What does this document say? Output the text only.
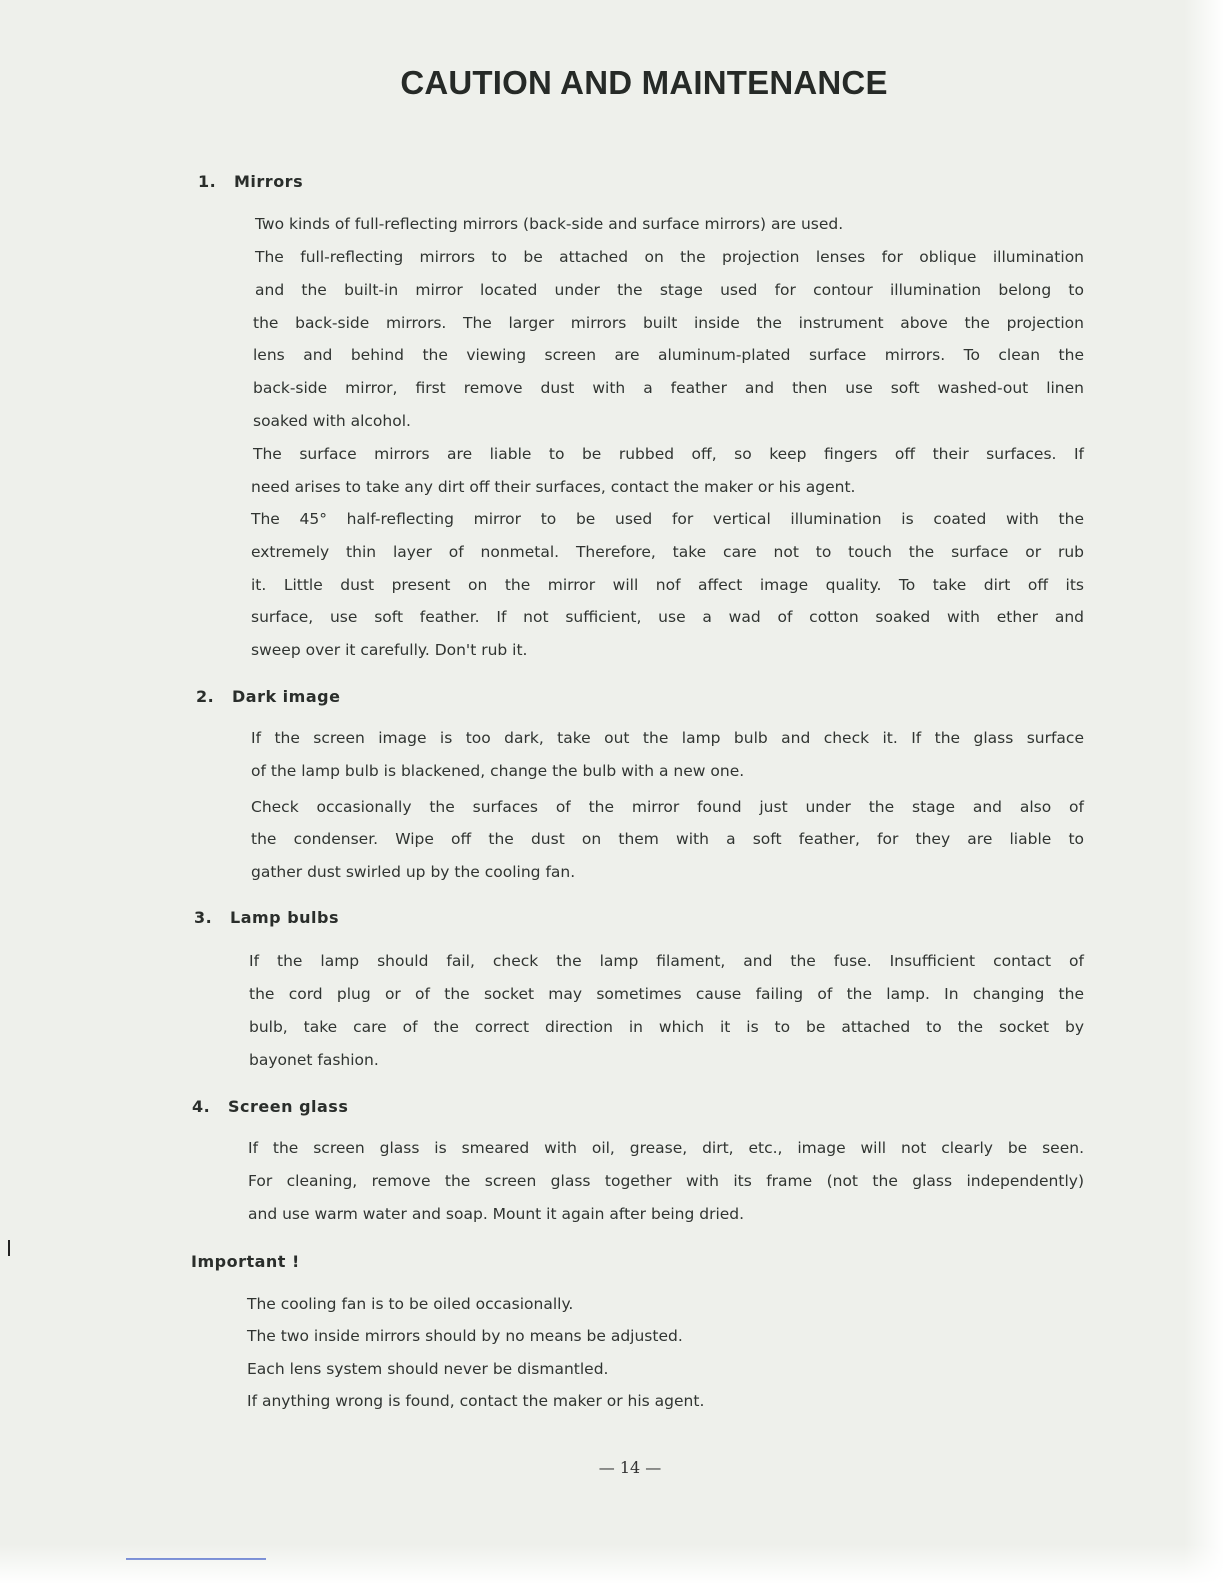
CAUTION AND MAINTENANCE
1. Mirrors
Two kinds of full-reflecting mirrors (back-side and surface mirrors) are used.
The full-reflecting mirrors to be attached on the projection lenses for oblique illumination
and the built-in mirror located under the stage used for contour illumination belong to
the back-side mirrors. The larger mirrors built inside the instrument above the projection
lens and behind the viewing screen are aluminum-plated surface mirrors. To clean the
back-side mirror, first remove dust with a feather and then use soft washed-out linen
soaked with alcohol.
The surface mirrors are liable to be rubbed off, so keep fingers off their surfaces. If
need arises to take any dirt off their surfaces, contact the maker or his agent.
The 45° half-reflecting mirror to be used for vertical illumination is coated with the
extremely thin layer of nonmetal. Therefore, take care not to touch the surface or rub
it. Little dust present on the mirror will nof affect image quality. To take dirt off its
surface, use soft feather. If not sufficient, use a wad of cotton soaked with ether and
sweep over it carefully. Don't rub it.
2. Dark image
If the screen image is too dark, take out the lamp bulb and check it. If the glass surface
of the lamp bulb is blackened, change the bulb with a new one.
Check occasionally the surfaces of the mirror found just under the stage and also of
the condenser. Wipe off the dust on them with a soft feather, for they are liable to
gather dust swirled up by the cooling fan.
3. Lamp bulbs
If the lamp should fail, check the lamp filament, and the fuse. Insufficient contact of
the cord plug or of the socket may sometimes cause failing of the lamp. In changing the
bulb, take care of the correct direction in which it is to be attached to the socket by
bayonet fashion.
4. Screen glass
If the screen glass is smeared with oil, grease, dirt, etc., image will not clearly be seen.
For cleaning, remove the screen glass together with its frame (not the glass independently)
and use warm water and soap. Mount it again after being dried.
Important !
The cooling fan is to be oiled occasionally.
The two inside mirrors should by no means be adjusted.
Each lens system should never be dismantled.
If anything wrong is found, contact the maker or his agent.
— 14 —
